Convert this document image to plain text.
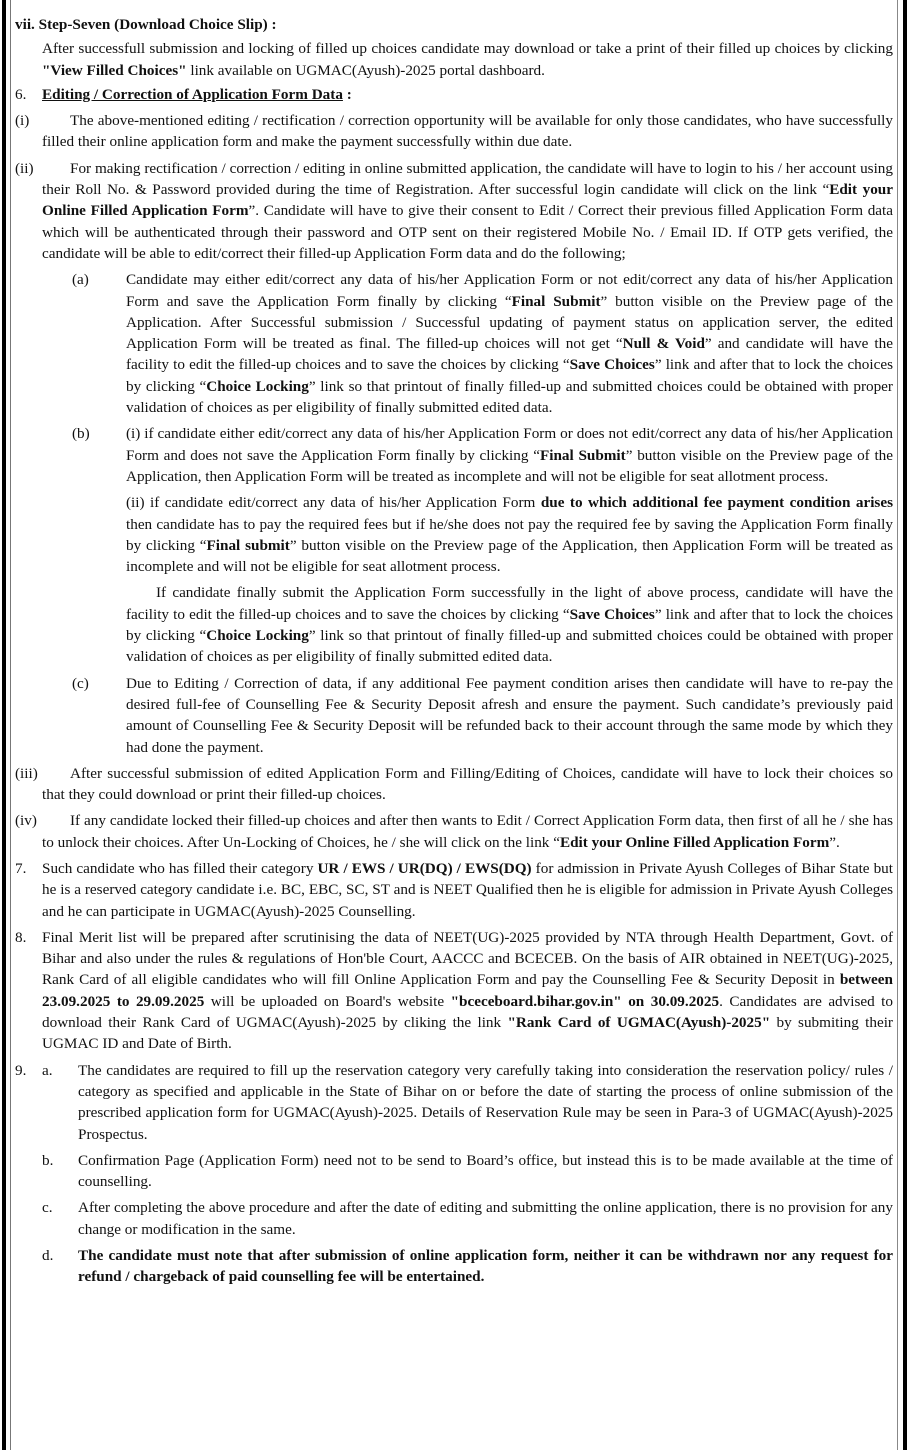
vii. Step-Seven (Download Choice Slip) :
After successfull submission and locking of filled up choices candidate may download or take a print of their filled up choices by clicking "View Filled Choices" link available on UGMAC(Ayush)-2025 portal dashboard.
6. Editing / Correction of Application Form Data :
(i)	The above-mentioned editing / rectification / correction opportunity will be available for only those candidates, who have successfully filled their online application form and make the payment successfully within due date.
(ii)	For making rectification / correction / editing in online submitted application, the candidate will have to login to his / her account using their Roll No. & Password provided during the time of Registration. After successful login candidate will click on the link “Edit your Online Filled Application Form”. Candidate will have to give their consent to Edit / Correct their previous filled Application Form data which will be authenticated through their password and OTP sent on their registered Mobile No. / Email ID. If OTP gets verified, the candidate will be able to edit/correct their filled-up Application Form data and do the following;
(a) Candidate may either edit/correct any data of his/her Application Form or not edit/correct any data of his/her Application Form and save the Application Form finally by clicking “Final Submit” button visible on the Preview page of the Application. After Successful submission / Successful updating of payment status on application server, the edited Application Form will be treated as final. The filled-up choices will not get “Null & Void” and candidate will have the facility to edit the filled-up choices and to save the choices by clicking “Save Choices” link and after that to lock the choices by clicking “Choice Locking” link so that printout of finally filled-up and submitted choices could be obtained with proper validation of choices as per eligibility of finally submitted edited data.
(b) (i) if candidate either edit/correct any data of his/her Application Form or does not edit/correct any data of his/her Application Form and does not save the Application Form finally by clicking “Final Submit” button visible on the Preview page of the Application, then Application Form will be treated as incomplete and will not be eligible for seat allotment process.
(ii) if candidate edit/correct any data of his/her Application Form due to which additional fee payment condition arises then candidate has to pay the required fees but if he/she does not pay the required fee by saving the Application Form finally by clicking “Final submit” button visible on the Preview page of the Application, then Application Form will be treated as incomplete and will not be eligible for seat allotment process.
If candidate finally submit the Application Form successfully in the light of above process, candidate will have the facility to edit the filled-up choices and to save the choices by clicking “Save Choices” link and after that to lock the choices by clicking “Choice Locking” link so that printout of finally filled-up and submitted choices could be obtained with proper validation of choices as per eligibility of finally submitted edited data.
(c) Due to Editing / Correction of data, if any additional Fee payment condition arises then candidate will have to re-pay the desired full-fee of Counselling Fee & Security Deposit afresh and ensure the payment. Such candidate’s previously paid amount of Counselling Fee & Security Deposit will be refunded back to their account through the same mode by which they had done the payment.
(iii)	After successful submission of edited Application Form and Filling/Editing of Choices, candidate will have to lock their choices so that they could download or print their filled-up choices.
(iv)	If any candidate locked their filled-up choices and after then wants to Edit / Correct Application Form data, then first of all he / she has to unlock their choices. After Un-Locking of Choices, he / she will click on the link “Edit your Online Filled Application Form”.
7. Such candidate who has filled their category UR / EWS / UR(DQ) / EWS(DQ) for admission in Private Ayush Colleges of Bihar State but he is a reserved category candidate i.e. BC, EBC, SC, ST and is NEET Qualified then he is eligible for admission in Private Ayush Colleges and he can participate in UGMAC(Ayush)-2025 Counselling.
8. Final Merit list will be prepared after scrutinising the data of NEET(UG)-2025 provided by NTA through Health Department, Govt. of Bihar and also under the rules & regulations of Hon'ble Court, AACCC and BCECEB. On the basis of AIR obtained in NEET(UG)-2025, Rank Card of all eligible candidates who will fill Online Application Form and pay the Counselling Fee & Security Deposit in between 23.09.2025 to 29.09.2025 will be uploaded on Board's website "bceceboard.bihar.gov.in" on 30.09.2025. Candidates are advised to download their Rank Card of UGMAC(Ayush)-2025 by cliking the link "Rank Card of UGMAC(Ayush)-2025" by submiting their UGMAC ID and Date of Birth.
9. a. The candidates are required to fill up the reservation category very carefully taking into consideration the reservation policy/ rules / category as specified and applicable in the State of Bihar on or before the date of starting the process of online submission of the prescribed application form for UGMAC(Ayush)-2025. Details of Reservation Rule may be seen in Para-3 of UGMAC(Ayush)-2025 Prospectus.
b. Confirmation Page (Application Form) need not to be send to Board’s office, but instead this is to be made available at the time of counselling.
c. After completing the above procedure and after the date of editing and submitting the online application, there is no provision for any change or modification in the same.
d. The candidate must note that after submission of online application form, neither it can be withdrawn nor any request for refund / chargeback of paid counselling fee will be entertained.
